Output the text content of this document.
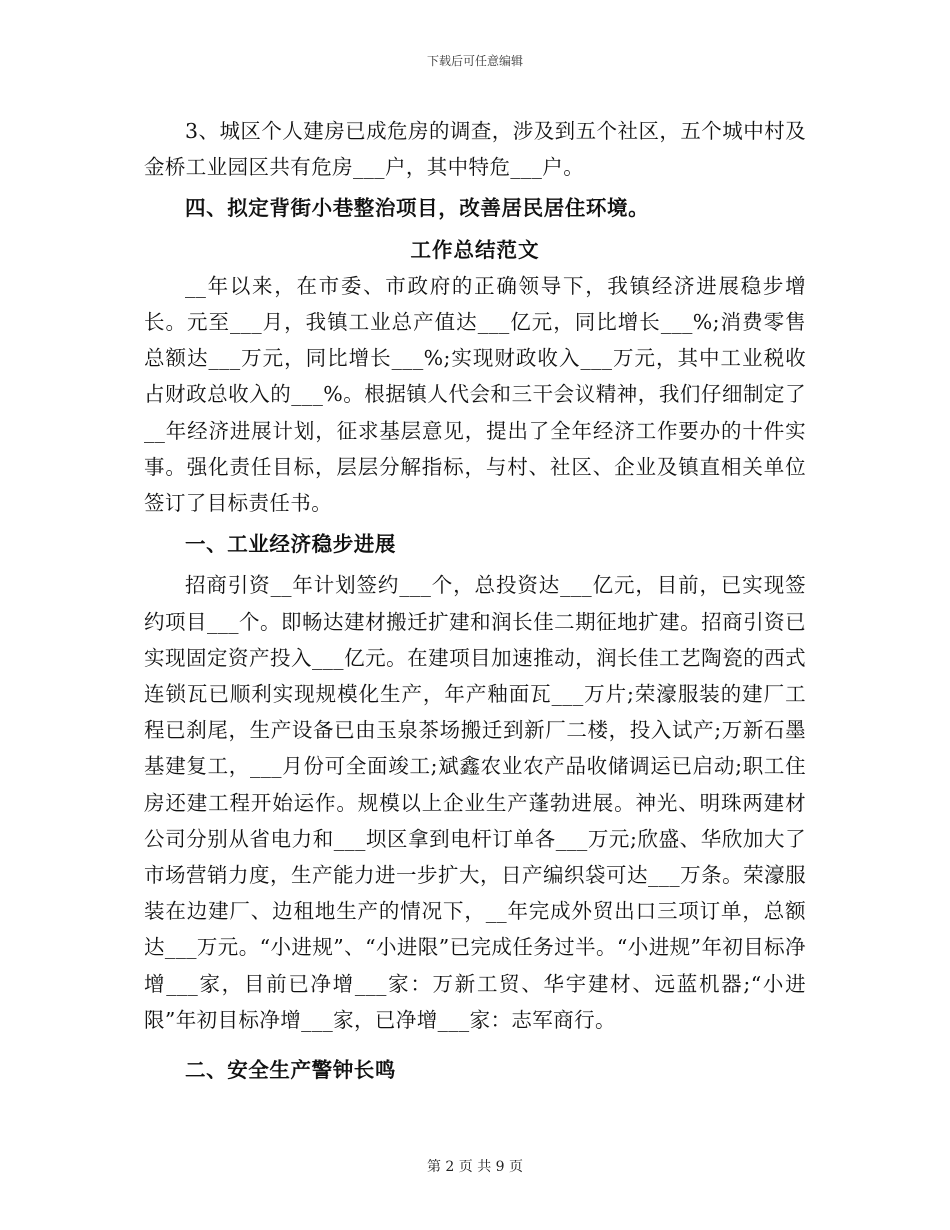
下载后可任意编辑

3、城区个人建房已成危房的调查，涉及到五个社区，五个城中村及金桥工业园区共有危房___户，其中特危___户。

四、拟定背街小巷整治项目，改善居民居住环境。
工作总结范文

__年以来，在市委、市政府的正确领导下，我镇经济进展稳步增长。元至___月，我镇工业总产值达___亿元，同比增长___%;消费零售总额达___万元，同比增长___%;实现财政收入___万元，其中工业税收占财政总收入的___%。根据镇人代会和三干会议精神，我们仔细制定了__年经济进展计划，征求基层意见，提出了全年经济工作要办的十件实事。强化责任目标，层层分解指标，与村、社区、企业及镇直相关单位签订了目标责任书。

一、工业经济稳步进展

招商引资__年计划签约___个，总投资达___亿元，目前，已实现签约项目___个。即畅达建材搬迁扩建和润长佳二期征地扩建。招商引资已实现固定资产投入___亿元。在建项目加速推动，润长佳工艺陶瓷的西式连锁瓦已顺利实现规模化生产，年产釉面瓦___万片;荣濠服装的建厂工程已刹尾，生产设备已由玉泉茶场搬迁到新厂二楼，投入试产;万新石墨基建复工，___月份可全面竣工;斌鑫农业农产品收储调运已启动;职工住房还建工程开始运作。规模以上企业生产蓬勃进展。神光、明珠两建材公司分别从省电力和___坝区拿到电杆订单各___万元;欣盛、华欣加大了市场营销力度，生产能力进一步扩大，日产编织袋可达___万条。荣濠服装在边建厂、边租地生产的情况下，__年完成外贸出口三项订单，总额达___万元。“小进规”、“小进限”已完成任务过半。“小进规”年初目标净增___家，目前已净增___家：万新工贸、华宇建材、远蓝机器;“小进限”年初目标净增___家，已净增___家：志军商行。

二、安全生产警钟长鸣
第 2 页 共 9 页
